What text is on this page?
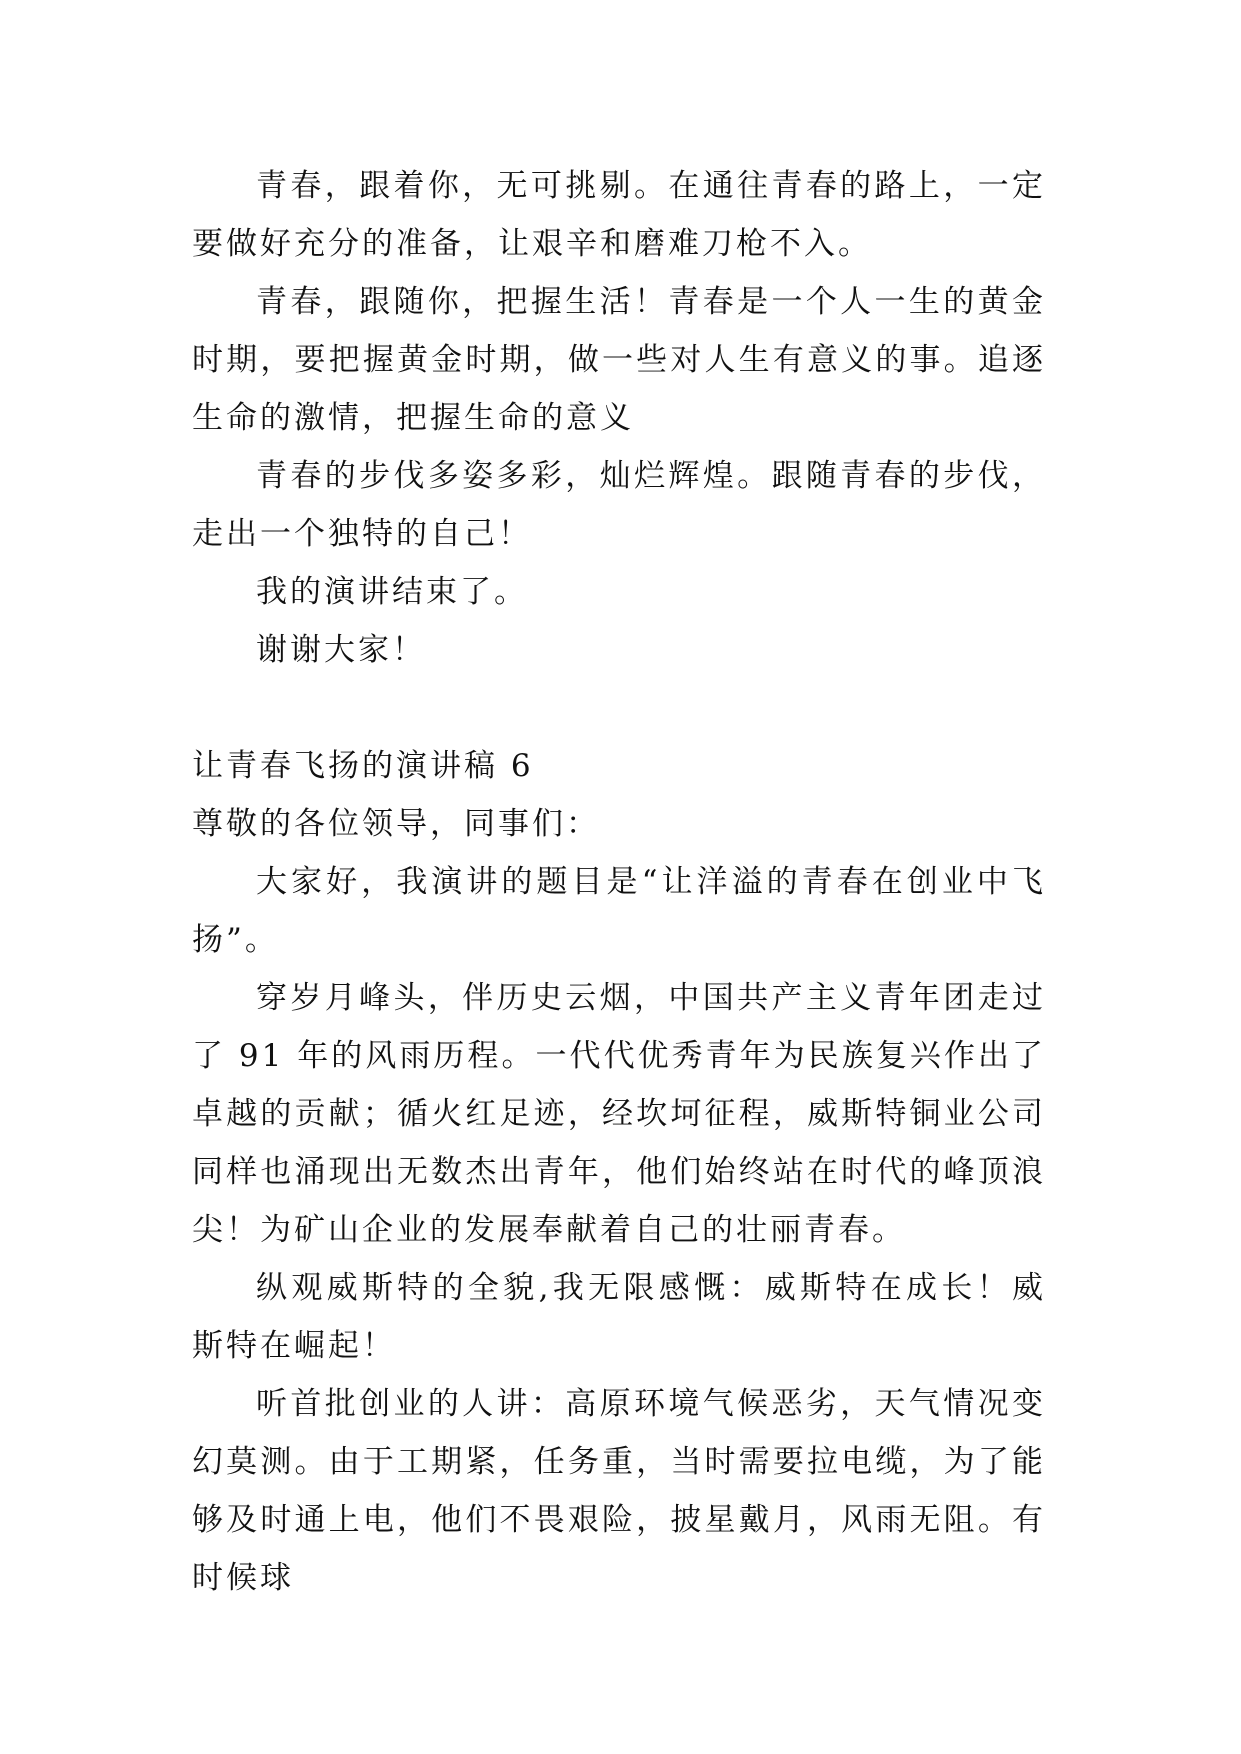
青春，跟着你，无可挑剔。在通往青春的路上，一定要做好充分的准备，让艰辛和磨难刀枪不入。

青春，跟随你，把握生活！青春是一个人一生的黄金时期，要把握黄金时期，做一些对人生有意义的事。追逐生命的激情，把握生命的意义

青春的步伐多姿多彩，灿烂辉煌。跟随青春的步伐，走出一个独特的自己！

我的演讲结束了。

谢谢大家！

让青春飞扬的演讲稿 6

尊敬的各位领导，同事们：

大家好，我演讲的题目是“让洋溢的青春在创业中飞扬”。

穿岁月峰头，伴历史云烟，中国共产主义青年团走过了 91 年的风雨历程。一代代优秀青年为民族复兴作出了卓越的贡献；循火红足迹，经坎坷征程，威斯特铜业公司同样也涌现出无数杰出青年，他们始终站在时代的峰顶浪尖！为矿山企业的发展奉献着自己的壮丽青春。

纵观威斯特的全貌,我无限感慨：威斯特在成长！威斯特在崛起！

听首批创业的人讲：高原环境气候恶劣，天气情况变幻莫测。由于工期紧，任务重，当时需要拉电缆，为了能够及时通上电，他们不畏艰险，披星戴月，风雨无阻。有时候球
